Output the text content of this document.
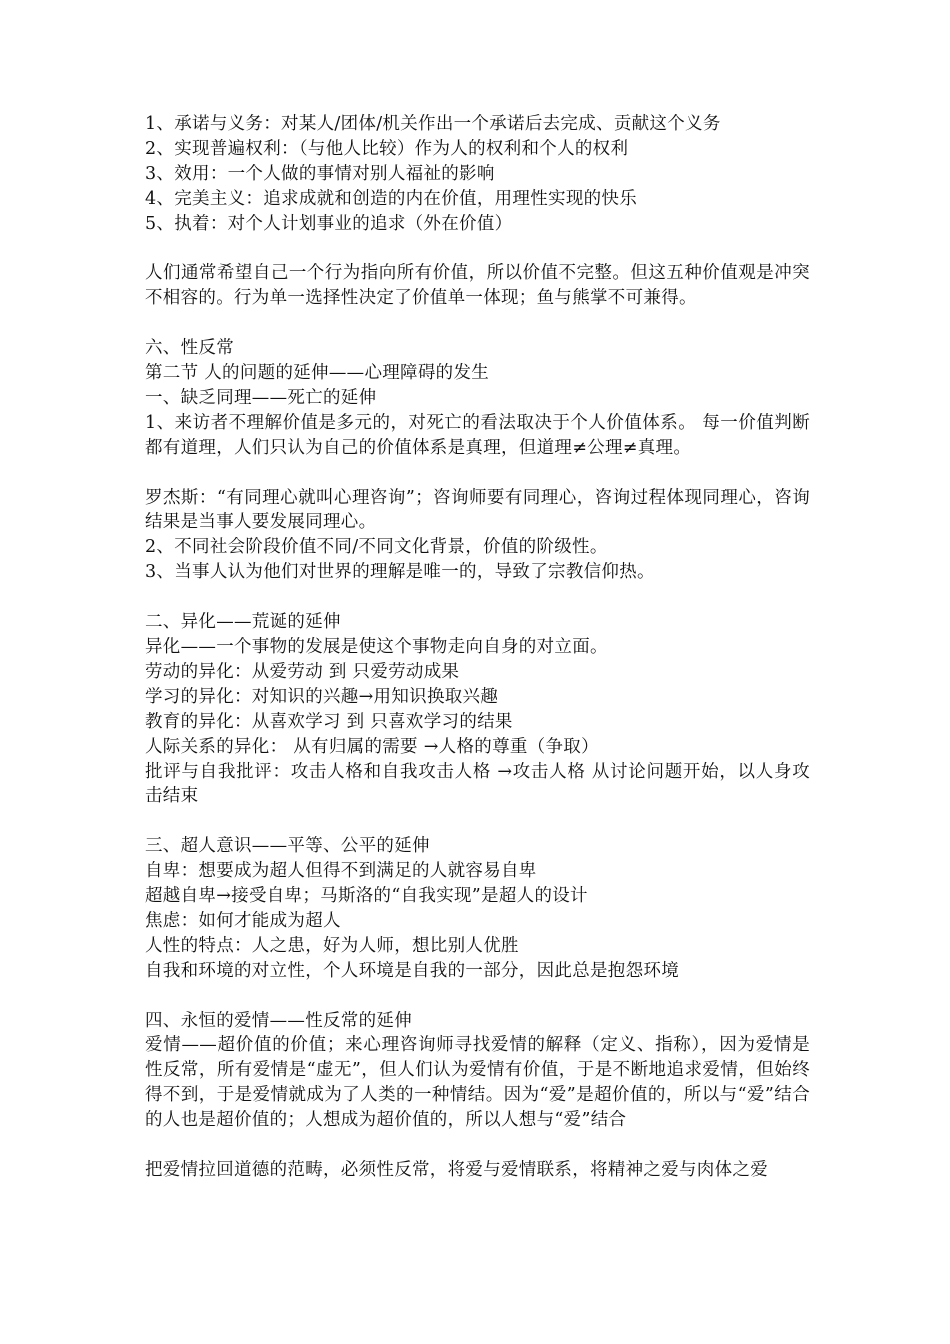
1、承诺与义务：对某人/团体/机关作出一个承诺后去完成、贡献这个义务
2、实现普遍权利：（与他人比较）作为人的权利和个人的权利
3、效用：一个人做的事情对别人福祉的影响
4、完美主义：追求成就和创造的内在价值，用理性实现的快乐
5、执着：对个人计划事业的追求（外在价值）
人们通常希望自己一个行为指向所有价值，所以价值不完整。但这五种价值观是冲突不相容的。行为单一选择性决定了价值单一体现；鱼与熊掌不可兼得。
六、性反常
第二节 人的问题的延伸——心理障碍的发生
一、缺乏同理——死亡的延伸
1、来访者不理解价值是多元的，对死亡的看法取决于个人价值体系。 每一价值判断都有道理，人们只认为自己的价值体系是真理，但道理≠公理≠真理。
罗杰斯：“有同理心就叫心理咨询”；咨询师要有同理心，咨询过程体现同理心，咨询结果是当事人要发展同理心。
2、不同社会阶段价值不同/不同文化背景，价值的阶级性。
3、当事人认为他们对世界的理解是唯一的，导致了宗教信仰热。
二、异化——荒诞的延伸
异化——一个事物的发展是使这个事物走向自身的对立面。
劳动的异化：从爱劳动 到 只爱劳动成果
学习的异化：对知识的兴趣→用知识换取兴趣
教育的异化：从喜欢学习 到 只喜欢学习的结果
人际关系的异化： 从有归属的需要 →人格的尊重（争取）
批评与自我批评：攻击人格和自我攻击人格 →攻击人格 从讨论问题开始，以人身攻击结束
三、超人意识——平等、公平的延伸
自卑：想要成为超人但得不到满足的人就容易自卑
超越自卑→接受自卑；马斯洛的“自我实现”是超人的设计
焦虑：如何才能成为超人
人性的特点：人之患，好为人师，想比别人优胜
自我和环境的对立性，个人环境是自我的一部分，因此总是抱怨环境
四、永恒的爱情——性反常的延伸
爱情——超价值的价值；来心理咨询师寻找爱情的解释（定义、指称），因为爱情是性反常，所有爱情是“虚无”，但人们认为爱情有价值，于是不断地追求爱情，但始终得不到，于是爱情就成为了人类的一种情结。因为“爱”是超价值的，所以与“爱”结合的人也是超价值的；人想成为超价值的，所以人想与“爱”结合
把爱情拉回道德的范畴，必须性反常，将爱与爱情联系，将精神之爱与肉体之爱
